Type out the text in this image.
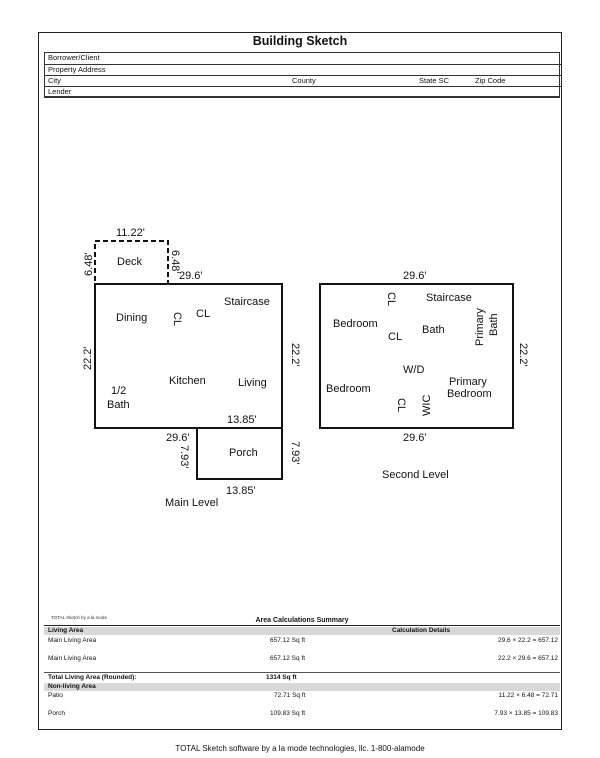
Building Sketch
Borrower/Client
Property Address
City	County	State SC	Zip Code
Lender
Dining CL CL
Staircase
Kitchen	Living
1/2
Bath
11.22'
6.48'	6.48'
Deck
29.6'
22.2'	22.2'
13.85'
29.6'
7.93'	7.93'
Porch
13.85'
Main Level
CL	Staircase
Bedroom
CL
Bath	Primary Bath
W/D
Bedroom
Primary
Bedroom
CL WIC
29.6'
22.2'
29.6'
Second Level
TOTAL Sketch by a la mode	Area Calculations Summary
Living Area	Calculation Details
Main Living Area	657.12 Sq ft	29.6 × 22.2 = 657.12
Main Living Area	657.12 Sq ft	22.2 × 29.6 = 657.12
Total Living Area (Rounded):	1314 Sq ft
Non-living Area
Patio	72.71 Sq ft	11.22 × 6.48 = 72.71
Porch	109.83 Sq ft	7.93 × 13.85 = 109.83
TOTAL Sketch software by a la mode technologies, llc. 1-800-alamode
